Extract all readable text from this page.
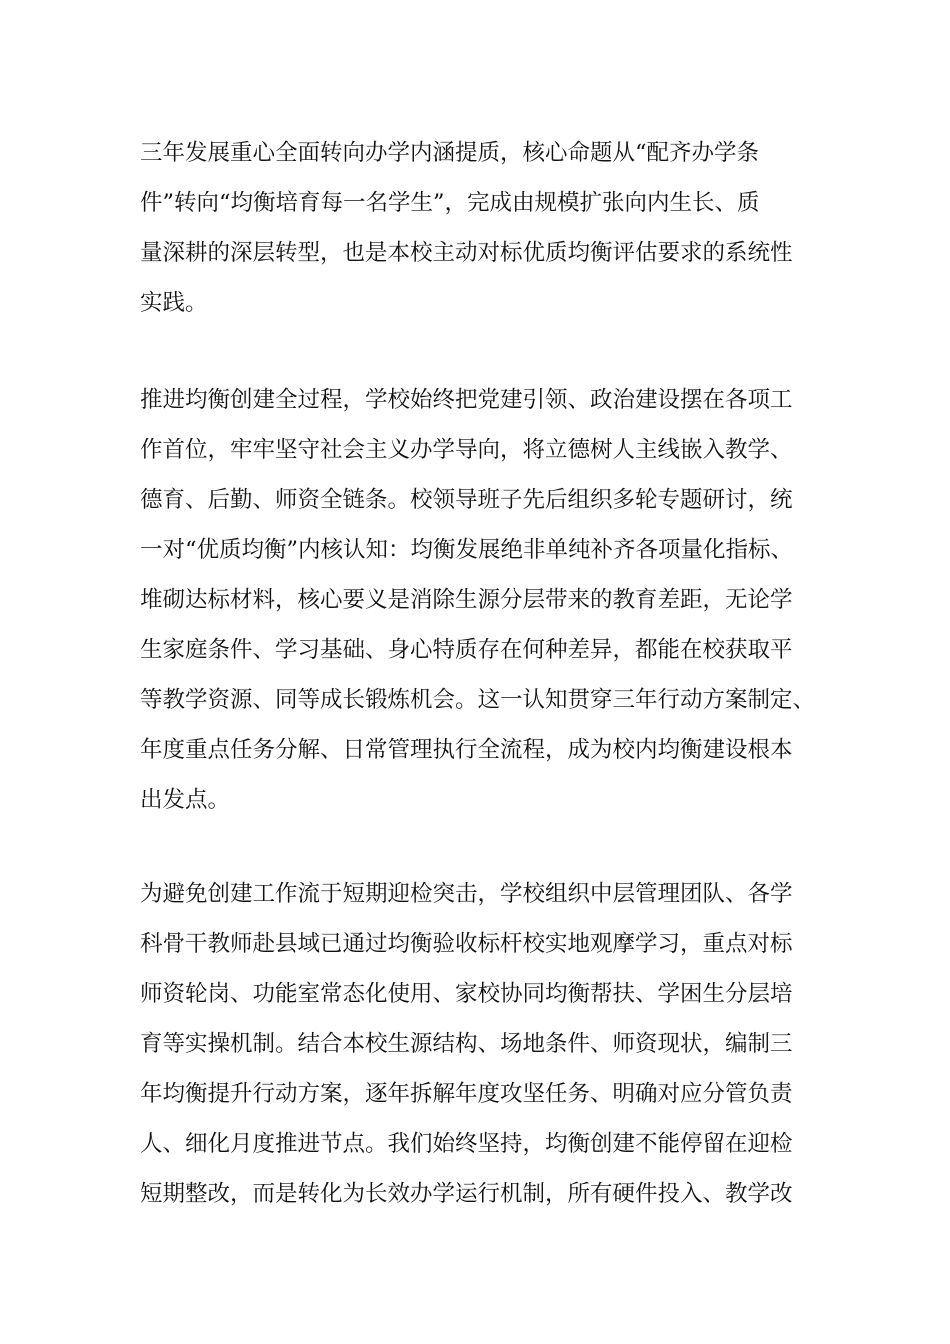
三年发展重心全面转向办学内涵提质，核心命题从“配齐办学条
件”转向“均衡培育每一名学生”，完成由规模扩张向内生长、质
量深耕的深层转型，也是本校主动对标优质均衡评估要求的系统性
实践。
推进均衡创建全过程，学校始终把党建引领、政治建设摆在各项工
作首位，牢牢坚守社会主义办学导向，将立德树人主线嵌入教学、
德育、后勤、师资全链条。校领导班子先后组织多轮专题研讨，统
一对“优质均衡”内核认知：均衡发展绝非单纯补齐各项量化指标、
堆砌达标材料，核心要义是消除生源分层带来的教育差距，无论学
生家庭条件、学习基础、身心特质存在何种差异，都能在校获取平
等教学资源、同等成长锻炼机会。这一认知贯穿三年行动方案制定、
年度重点任务分解、日常管理执行全流程，成为校内均衡建设根本
出发点。
为避免创建工作流于短期迎检突击，学校组织中层管理团队、各学
科骨干教师赴县域已通过均衡验收标杆校实地观摩学习，重点对标
师资轮岗、功能室常态化使用、家校协同均衡帮扶、学困生分层培
育等实操机制。结合本校生源结构、场地条件、师资现状，编制三
年均衡提升行动方案，逐年拆解年度攻坚任务、明确对应分管负责
人、细化月度推进节点。我们始终坚持，均衡创建不能停留在迎检
短期整改，而是转化为长效办学运行机制，所有硬件投入、教学改
